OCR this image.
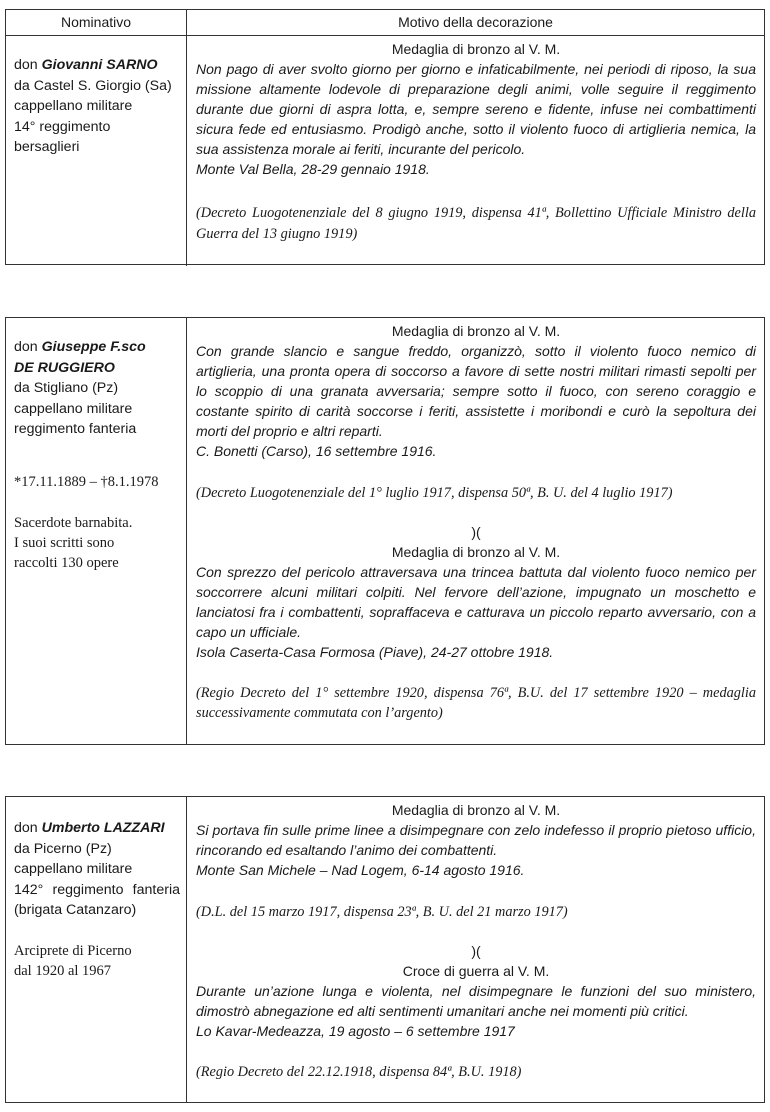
Nominativo	Motivo della decorazione
don Giovanni SARNO
da Castel S. Giorgio (Sa)
cappellano militare
14° reggimento
bersaglieri
Medaglia di bronzo al V. M.

Non pago di aver svolto giorno per giorno e infaticabilmente, nei periodi di riposo, la sua missione altamente lodevole di preparazione degli animi, volle seguire il reggimento durante due giorni di aspra lotta, e, sempre sereno e fidente, infuse nei combattimenti sicura fede ed entusiasmo. Prodigò anche, sotto il violento fuoco di artiglieria nemica, la sua assistenza morale ai feriti, incurante del pericolo.

Monte Val Bella, 28-29 gennaio 1918.

(Decreto Luogotenenziale del 8 giugno 1919, dispensa 41ª, Bollettino Ufficiale Ministro della Guerra del 13 giugno 1919)

don Giuseppe F.sco
DE RUGGIERO
da Stigliano (Pz)
cappellano militare
reggimento fanteria
*17.11.1889 – †8.1.1978
Sacerdote barnabita.
I suoi scritti sono
raccolti 130 opere
Medaglia di bronzo al V. M.

Con grande slancio e sangue freddo, organizzò, sotto il violento fuoco nemico di artiglieria, una pronta opera di soccorso a favore di sette nostri militari rimasti sepolti per lo scoppio di una granata avversaria; sempre sotto il fuoco, con sereno coraggio e costante spirito di carità soccorse i feriti, assistette i moribondi e curò la sepoltura dei morti del proprio e altri reparti.

C. Bonetti (Carso), 16 settembre 1916.

(Decreto Luogotenenziale del 1° luglio 1917, dispensa 50ª, B. U. del 4 luglio 1917)

)(
Medaglia di bronzo al V. M.

Con sprezzo del pericolo attraversava una trincea battuta dal violento fuoco nemico per soccorrere alcuni militari colpiti. Nel fervore dell’azione, impugnato un moschetto e lanciatosi fra i combattenti, sopraffaceva e catturava un piccolo reparto avversario, con a capo un ufficiale.

Isola Caserta-Casa Formosa (Piave), 24-27 ottobre 1918.

(Regio Decreto del 1° settembre 1920, dispensa 76ª, B.U. del 17 settembre 1920 – medaglia successivamente commutata con l’argento)

don Umberto LAZZARI
da Picerno (Pz)
cappellano militare
142° reggimento fanteria (brigata Catanzaro)
Arciprete di Picerno
dal 1920 al 1967
Medaglia di bronzo al V. M.

Si portava fin sulle prime linee a disimpegnare con zelo indefesso il proprio pietoso ufficio, rincorando ed esaltando l’animo dei combattenti.

Monte San Michele – Nad Logem, 6-14 agosto 1916.

(D.L. del 15 marzo 1917, dispensa 23ª, B. U. del 21 marzo 1917)

)(
Croce di guerra al V. M.

Durante un’azione lunga e violenta, nel disimpegnare le funzioni del suo ministero, dimostrò abnegazione ed alti sentimenti umanitari anche nei momenti più critici.

Lo Kavar-Medeazza, 19 agosto – 6 settembre 1917

(Regio Decreto del 22.12.1918, dispensa 84ª, B.U. 1918)
